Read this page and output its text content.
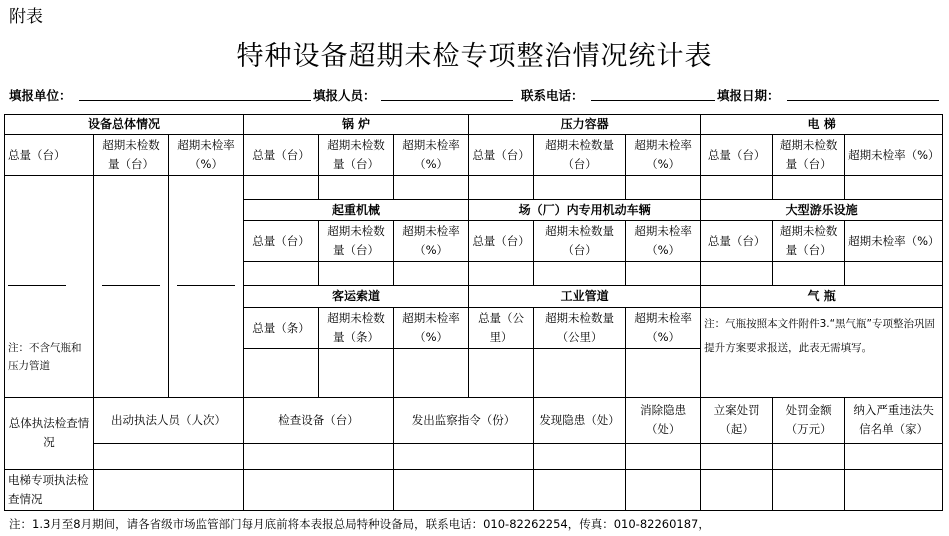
附表
特种设备超期未检专项整治情况统计表
填报单位：	填报人员：	联系电话：	填报日期：
设备总体情况			锅 炉			压力容器			电 梯		
总量（台）	超期未检数量（台）	超期未检率（%）	总量（台）	超期未检数量（台）	超期未检率（%）	总量（台）	超期未检数量（台）	超期未检率（%）	总量（台）	超期未检数量（台）	超期未检率（%）

注：不含气瓶和压力管道											

			起重机械			场（厂）内专用机动车辆			大型游乐设施		
			总量（台）	超期未检数量（台）	超期未检率（%）	总量（台）	超期未检数量（台）	超期未检率（%）	总量（台）	超期未检数量（台）	超期未检率（%）

			客运索道			工业管道			气 瓶		
			总量（条）	超期未检数量（条）	超期未检率（%）	总量（公里）	超期未检数量（公里）	超期未检率（%）	注：气瓶按照本文件附件3.“黑气瓶”专项整治巩固提升方案要求报送，此表无需填写。		

总体执法检查情况	出动执法人员（人次）		检查设备（台）		发出监察指令（份）		发现隐患（处）	消除隐患（处）	立案处罚（起）	处罚金额（万元）	纳入严重违法失信名单（家）

电梯专项执法检查情况											
注：1.3月至8月期间，请各省级市场监管部门每月底前将本表报总局特种设备局，联系电话：010-82262254，传真：010-82260187，
